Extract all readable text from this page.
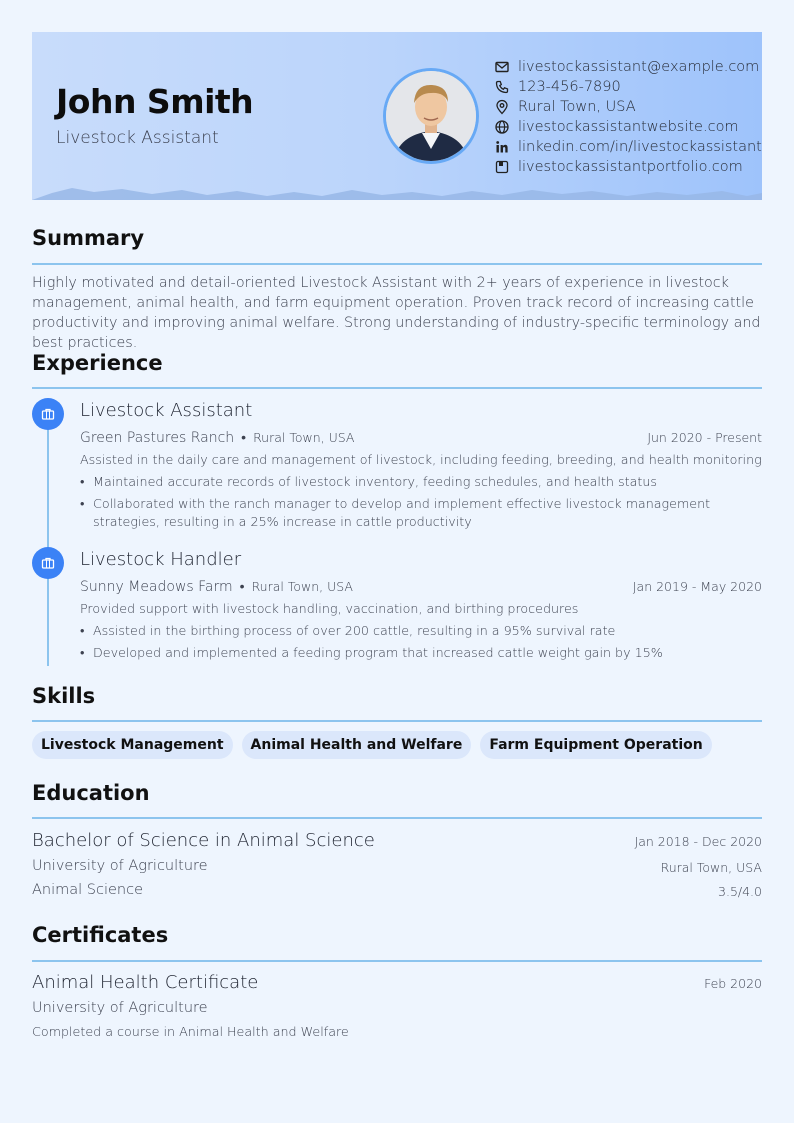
John Smith
Livestock Assistant
livestockassistant@example.com
123-456-7890
Rural Town, USA
livestockassistantwebsite.com
linkedin.com/in/livestockassistant
livestockassistantportfolio.com
Summary
Highly motivated and detail-oriented Livestock Assistant with 2+ years of experience in livestock management, animal health, and farm equipment operation. Proven track record of increasing cattle productivity and improving animal welfare. Strong understanding of industry-specific terminology and best practices.
Experience
Livestock Assistant
Green Pastures Ranch • Rural Town, USA	Jun 2020 - Present
Assisted in the daily care and management of livestock, including feeding, breeding, and health monitoring
• Maintained accurate records of livestock inventory, feeding schedules, and health status
• Collaborated with the ranch manager to develop and implement effective livestock management strategies, resulting in a 25% increase in cattle productivity
Livestock Handler
Sunny Meadows Farm • Rural Town, USA	Jan 2019 - May 2020
Provided support with livestock handling, vaccination, and birthing procedures
• Assisted in the birthing process of over 200 cattle, resulting in a 95% survival rate
• Developed and implemented a feeding program that increased cattle weight gain by 15%
Skills
Livestock Management	Animal Health and Welfare	Farm Equipment Operation
Education
Bachelor of Science in Animal Science	Jan 2018 - Dec 2020
University of Agriculture	Rural Town, USA
Animal Science	3.5/4.0
Certificates
Animal Health Certificate	Feb 2020
University of Agriculture
Completed a course in Animal Health and Welfare
